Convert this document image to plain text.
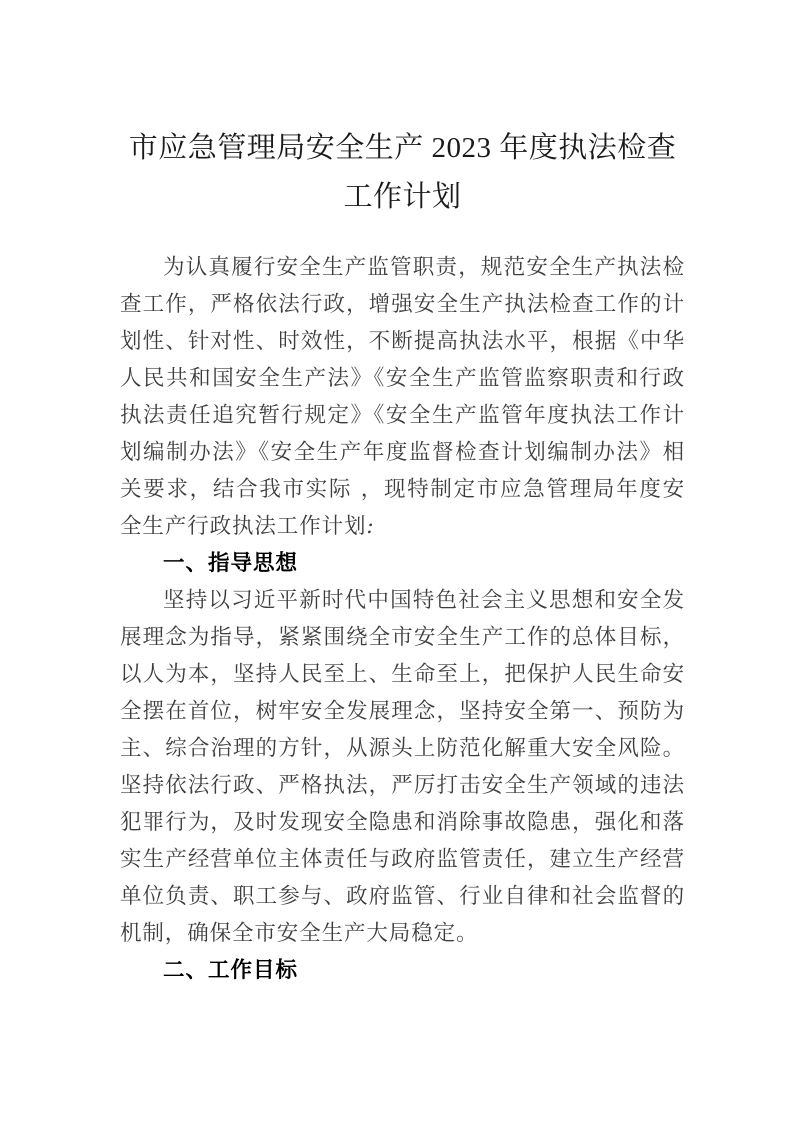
市应急管理局安全生产 2023 年度执法检查
工作计划

为认真履行安全生产监管职责，规范安全生产执法检查工作，严格依法行政，增强安全生产执法检查工作的计划性、针对性、时效性，不断提高执法水平，根据《中华人民共和国安全生产法》《安全生产监管监察职责和行政执法责任追究暂行规定》《安全生产监管年度执法工作计划编制办法》《安全生产年度监督检查计划编制办法》相关要求，结合我市实际 ，现特制定市应急管理局年度安全生产行政执法工作计划:

一、指导思想

坚持以习近平新时代中国特色社会主义思想和安全发展理念为指导，紧紧围绕全市安全生产工作的总体目标，以人为本，坚持人民至上、生命至上，把保护人民生命安全摆在首位，树牢安全发展理念，坚持安全第一、预防为主、综合治理的方针，从源头上防范化解重大安全风险。坚持依法行政、严格执法，严厉打击安全生产领域的违法犯罪行为，及时发现安全隐患和消除事故隐患，强化和落实生产经营单位主体责任与政府监管责任，建立生产经营单位负责、职工参与、政府监管、行业自律和社会监督的机制，确保全市安全生产大局稳定。

二、工作目标
